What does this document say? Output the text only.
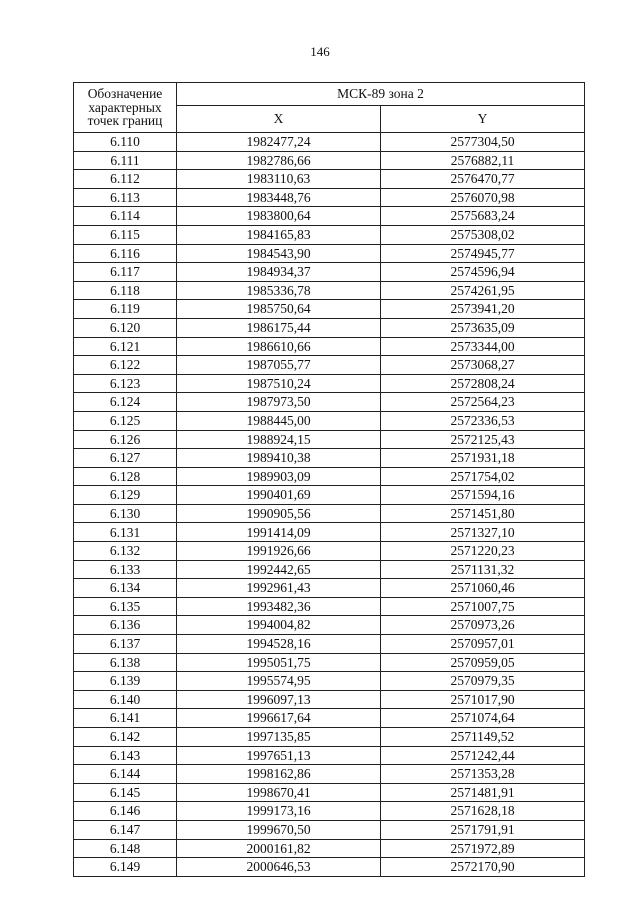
146
Обозначение
характерных
точек границ	МСК-89 зона 2	
	X	Y
6.110	1982477,24	2577304,50
6.111	1982786,66	2576882,11
6.112	1983110,63	2576470,77
6.113	1983448,76	2576070,98
6.114	1983800,64	2575683,24
6.115	1984165,83	2575308,02
6.116	1984543,90	2574945,77
6.117	1984934,37	2574596,94
6.118	1985336,78	2574261,95
6.119	1985750,64	2573941,20
6.120	1986175,44	2573635,09
6.121	1986610,66	2573344,00
6.122	1987055,77	2573068,27
6.123	1987510,24	2572808,24
6.124	1987973,50	2572564,23
6.125	1988445,00	2572336,53
6.126	1988924,15	2572125,43
6.127	1989410,38	2571931,18
6.128	1989903,09	2571754,02
6.129	1990401,69	2571594,16
6.130	1990905,56	2571451,80
6.131	1991414,09	2571327,10
6.132	1991926,66	2571220,23
6.133	1992442,65	2571131,32
6.134	1992961,43	2571060,46
6.135	1993482,36	2571007,75
6.136	1994004,82	2570973,26
6.137	1994528,16	2570957,01
6.138	1995051,75	2570959,05
6.139	1995574,95	2570979,35
6.140	1996097,13	2571017,90
6.141	1996617,64	2571074,64
6.142	1997135,85	2571149,52
6.143	1997651,13	2571242,44
6.144	1998162,86	2571353,28
6.145	1998670,41	2571481,91
6.146	1999173,16	2571628,18
6.147	1999670,50	2571791,91
6.148	2000161,82	2571972,89
6.149	2000646,53	2572170,90
